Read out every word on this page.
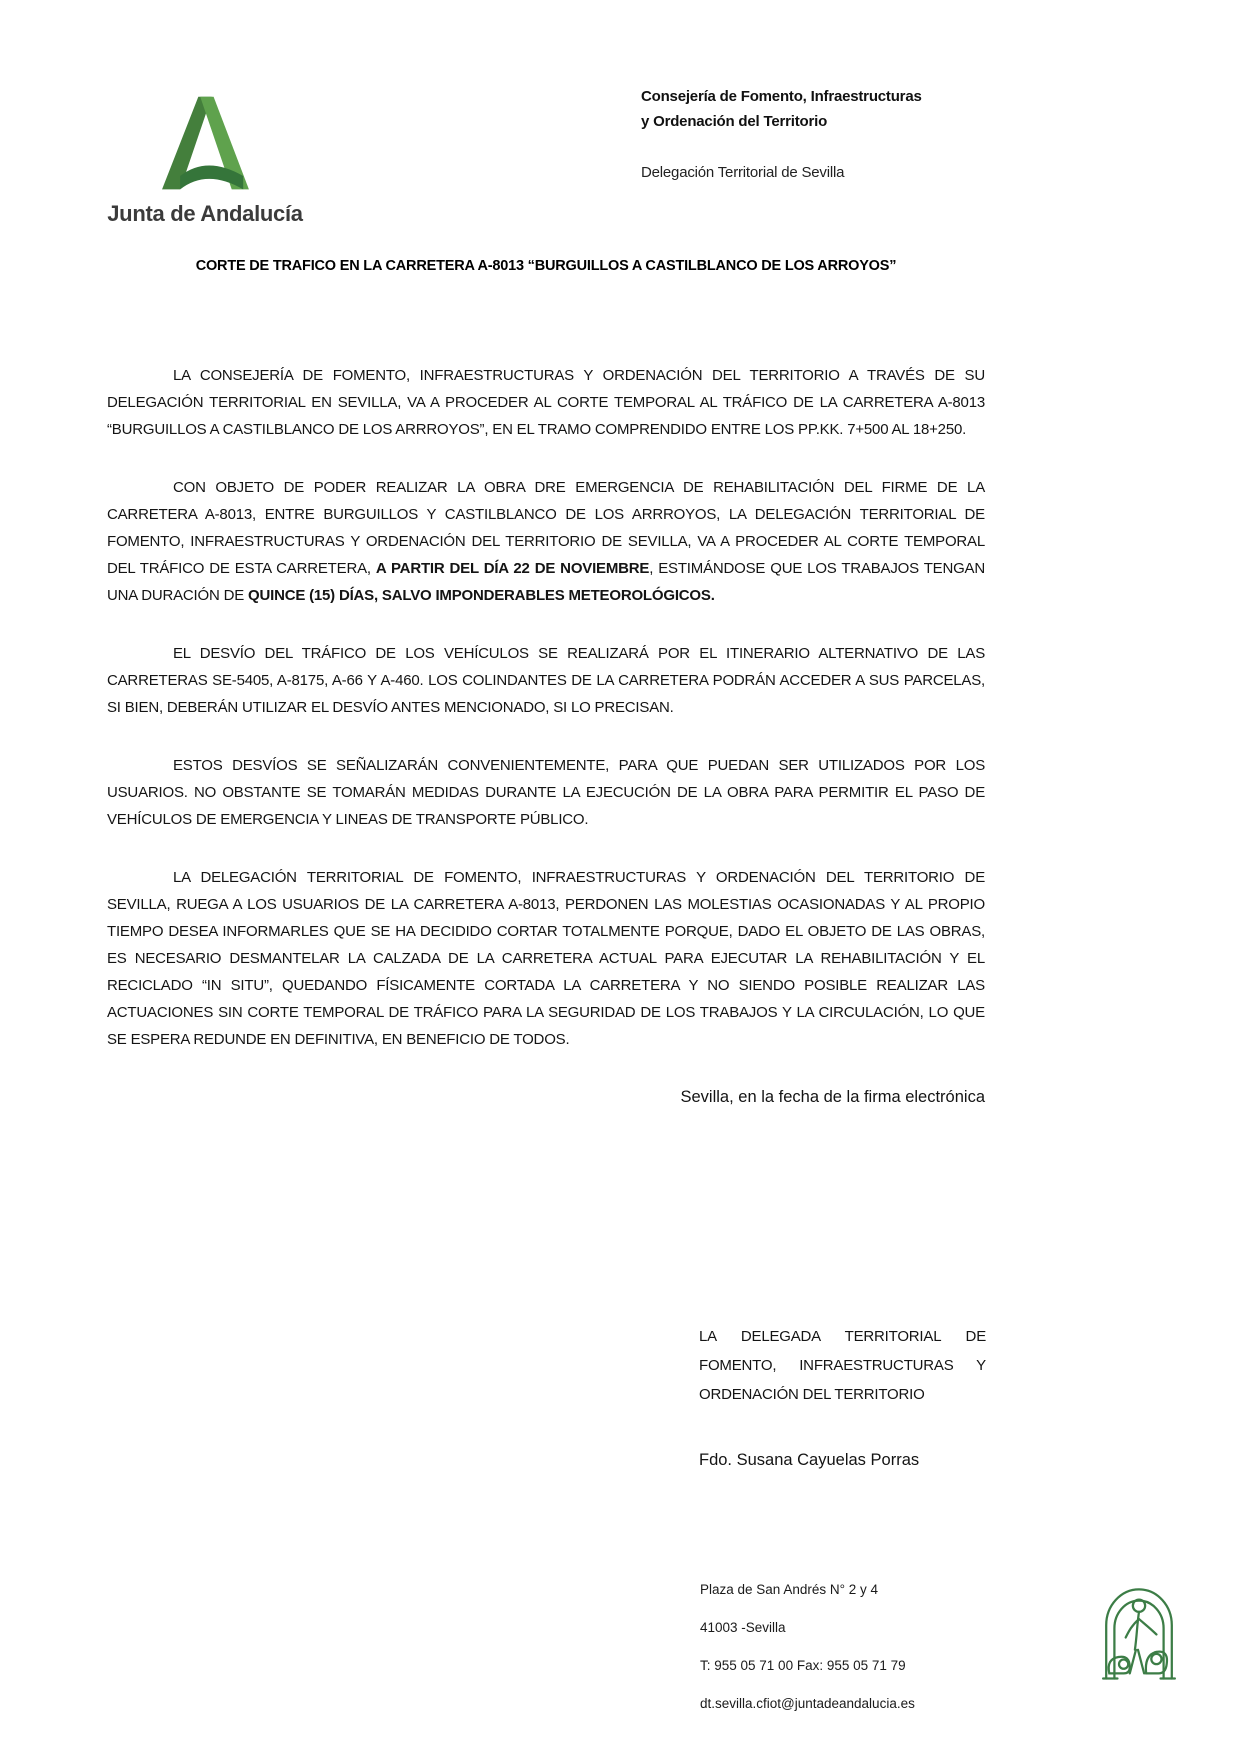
Junta de Andalucía
Consejería de Fomento, Infraestructuras
y Ordenación del Territorio
Delegación Territorial de Sevilla
CORTE DE TRAFICO EN LA CARRETERA A-8013 “BURGUILLOS A CASTILBLANCO DE LOS ARROYOS”

LA CONSEJERÍA DE FOMENTO, INFRAESTRUCTURAS Y ORDENACIÓN DEL TERRITORIO A TRAVÉS DE SU DELEGACIÓN TERRITORIAL EN SEVILLA, VA A PROCEDER AL CORTE TEMPORAL AL TRÁFICO DE LA CARRETERA A-8013 “BURGUILLOS A CASTILBLANCO DE LOS ARRROYOS”, EN EL TRAMO COMPRENDIDO ENTRE LOS PP.KK. 7+500 AL 18+250.

CON OBJETO DE PODER REALIZAR LA OBRA DRE EMERGENCIA DE REHABILITACIÓN DEL FIRME DE LA CARRETERA A-8013, ENTRE BURGUILLOS Y CASTILBLANCO DE LOS ARRROYOS, LA DELEGACIÓN TERRITORIAL DE FOMENTO, INFRAESTRUCTURAS Y ORDENACIÓN DEL TERRITORIO DE SEVILLA, VA A PROCEDER AL CORTE TEMPORAL DEL TRÁFICO DE ESTA CARRETERA, A PARTIR DEL DÍA 22 DE NOVIEMBRE, ESTIMÁNDOSE QUE LOS TRABAJOS TENGAN UNA DURACIÓN DE QUINCE (15) DÍAS, SALVO IMPONDERABLES METEOROLÓGICOS.

EL DESVÍO DEL TRÁFICO DE LOS VEHÍCULOS SE REALIZARÁ POR EL ITINERARIO ALTERNATIVO DE LAS CARRETERAS SE-5405, A-8175, A-66 Y A-460. LOS COLINDANTES DE LA CARRETERA PODRÁN ACCEDER A SUS PARCELAS, SI BIEN, DEBERÁN UTILIZAR EL DESVÍO ANTES MENCIONADO, SI LO PRECISAN.

ESTOS DESVÍOS SE SEÑALIZARÁN CONVENIENTEMENTE, PARA QUE PUEDAN SER UTILIZADOS POR LOS USUARIOS. NO OBSTANTE SE TOMARÁN MEDIDAS DURANTE LA EJECUCIÓN DE LA OBRA PARA PERMITIR EL PASO DE VEHÍCULOS DE EMERGENCIA Y LINEAS DE TRANSPORTE PÚBLICO.

LA DELEGACIÓN TERRITORIAL DE FOMENTO, INFRAESTRUCTURAS Y ORDENACIÓN DEL TERRITORIO DE SEVILLA, RUEGA A LOS USUARIOS DE LA CARRETERA A-8013, PERDONEN LAS MOLESTIAS OCASIONADAS Y AL PROPIO TIEMPO DESEA INFORMARLES QUE SE HA DECIDIDO CORTAR TOTALMENTE PORQUE, DADO EL OBJETO DE LAS OBRAS, ES NECESARIO DESMANTELAR LA CALZADA DE LA CARRETERA ACTUAL PARA EJECUTAR LA REHABILITACIÓN Y EL RECICLADO “IN SITU”, QUEDANDO FÍSICAMENTE CORTADA LA CARRETERA Y NO SIENDO POSIBLE REALIZAR LAS ACTUACIONES SIN CORTE TEMPORAL DE TRÁFICO PARA LA SEGURIDAD DE LOS TRABAJOS Y LA CIRCULACIÓN, LO QUE SE ESPERA REDUNDE EN DEFINITIVA, EN BENEFICIO DE TODOS.

Sevilla, en la fecha de la firma electrónica

LA DELEGADA TERRITORIAL DE FOMENTO, INFRAESTRUCTURAS Y ORDENACIÓN DEL TERRITORIO

Fdo. Susana Cayuelas Porras
Plaza de San Andrés N° 2 y 4
41003 -Sevilla
T: 955 05 71 00 Fax: 955 05 71 79
dt.sevilla.cfiot@juntadeandalucia.es
